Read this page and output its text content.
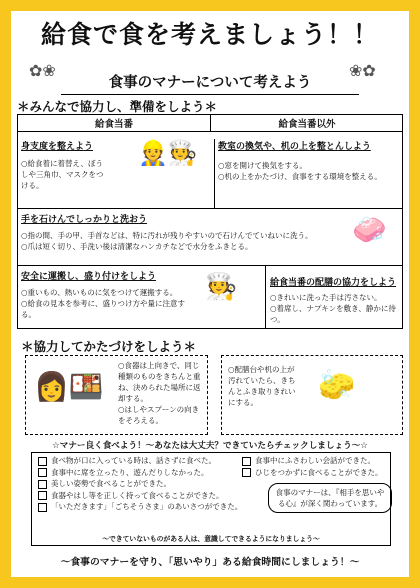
給食で食を考えましょう！！
✿❀	❀✿
食事のマナーについて考えよう
＊みんなで協力し、準備をしよう＊
給食当番	給食当番以外
身支度を整えよう
○給食着に着替え、ぼうしや三角巾、マスクをつける。
👷🧑‍🍳 教室の換気や、机の上を整とんしよう
○窓を開けて換気をする。
○机の上をかたづけ、食事をする環境を整える。
手を石けんでしっかりと洗おう
○指の間、手の甲、手首などは、特に汚れが残りやすいので石けんでていねいに洗う。
○爪は短く切り、手洗い後は清潔なハンカチなどで水分をふきとる。
🧼
安全に運搬し、盛り付けをしよう
○重いもの、熱いものに気をつけて運搬する。
○給食の見本を参考に、盛りつけ方や量に注意する。
🧑‍🍳	給食当番の配膳の協力をしよう
○きれいに洗った手は汚さない。
○着席し、ナプキンを敷き、静かに待つ。
＊協力してかたづけをしよう＊
👩🍱
○食器は上向きで、同じ種類のものをきちんと重ね、決められた場所に返却する。
○はしやスプーンの向きをそろえる。
○配膳台や机の上が汚れていたら、きちんとふき取りきれいにする。	🧽
☆マナー良く食べよう！～あなたは大丈夫？できていたらチェックしましょう～☆
食べ物が口に入っている時は、話さずに食べた。
食事中に席を立ったり、遊んだりしなかった。
美しい姿勢で食べることができた。
食器やはし等を正しく持って食べることができた。
「いただきます」「ごちそうさま」のあいさつができた。
食事中にふさわしい会話ができた。
ひじをつかずに食べることができた。
食事のマナーは、『相手を思いやる心』が深く関わっています。
～できていないものがある人は、意識してできるようになりましょう～
～食事のマナーを守り、「思いやり」ある給食時間にしましょう！～
